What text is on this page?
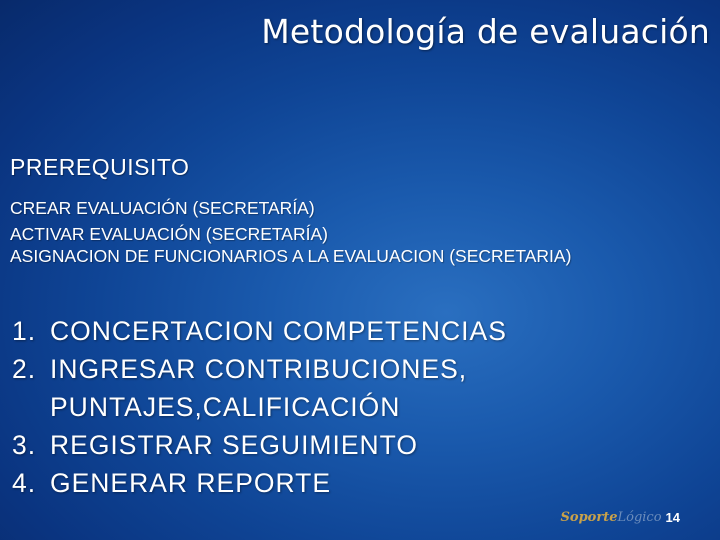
Metodología de evaluación
PREREQUISITO
CREAR EVALUACIÓN (SECRETARÍA)
ACTIVAR EVALUACIÓN (SECRETARÍA)
ASIGNACION DE FUNCIONARIOS A LA EVALUACION (SECRETARIA)
1. CONCERTACION COMPETENCIAS
2. INGRESAR CONTRIBUCIONES, PUNTAJES,CALIFICACIÓN
3. REGISTRAR SEGUIMIENTO
4. GENERAR REPORTE
SoporteLógico 14
